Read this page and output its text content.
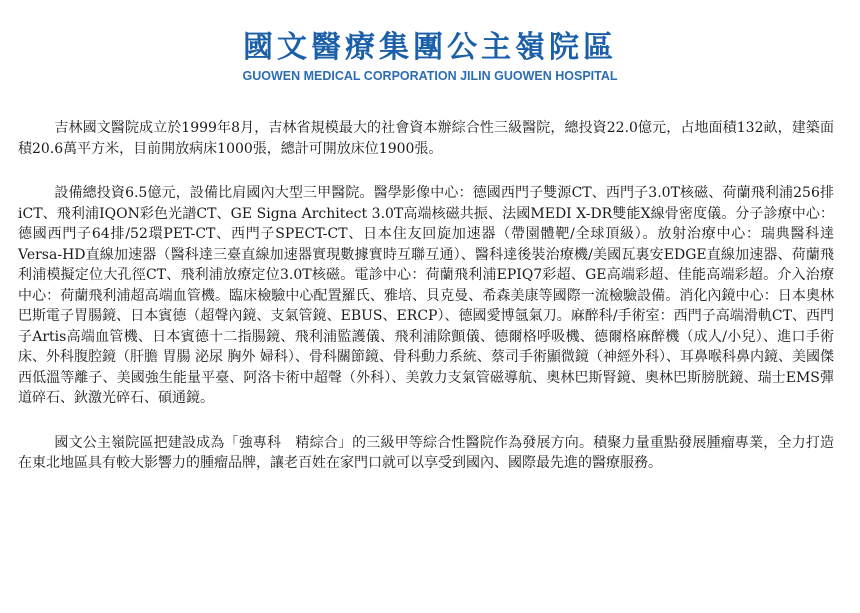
國文醫療集團公主嶺院區
GUOWEN MEDICAL CORPORATION JILIN GUOWEN HOSPITAL

吉林國文醫院成立於1999年8月，吉林省規模最大的社會資本辦綜合性三級醫院，總投資22.0億元，占地面積132畝，建築面積20.6萬平方米，目前開放病床1000張，總計可開放床位1900張。

設備總投資6.5億元，設備比肩國內大型三甲醫院。醫學影像中心：德國西門子雙源CT、西門子3.0T核磁、荷蘭飛利浦256排iCT、飛利浦IQON彩色光譜CT、GE Signa Architect 3.0T高端核磁共振、法國MEDI X-DR雙能X線骨密度儀。分子診療中心：德國西門子64排/52環PET-CT、西門子SPECT-CT、日本住友回旋加速器（帶園體靶/全球頂級）。放射治療中心：瑞典醫科達Versa-HD直線加速器（醫科達三臺直線加速器實現數據實時互聯互通）、醫科達後裝治療機/美國瓦裏安EDGE直線加速器、荷蘭飛利浦模擬定位大孔徑CT、飛利浦放療定位3.0T核磁。電診中心：荷蘭飛利浦EPIQ7彩超、GE高端彩超、佳能高端彩超。介入治療中心：荷蘭飛利浦超高端血管機。臨床檢驗中心配置羅氏、雅培、貝克曼、希森美康等國際一流檢驗設備。消化內鏡中心：日本奧林巴斯電子胃腸鏡、日本賓德（超聲內鏡、支氣管鏡、EBUS、ERCP）、德國愛博氬氣刀。麻醉科/手術室：西門子高端滑軌CT、西門子Artis高端血管機、日本賓德十二指腸鏡、飛利浦監護儀、飛利浦除顫儀、德爾格呼吸機、德爾格麻醉機（成人/小兒）、進口手術床、外科腹腔鏡（肝膽 胃腸 泌尿 胸外 婦科）、骨科關節鏡、骨科動力系統、蔡司手術顯微鏡（神經外科）、耳鼻喉科鼻内鏡、美國傑西低溫等離子、美國強生能量平臺、阿洛卡術中超聲（外科）、美敦力支氣管磁導航、奧林巴斯腎鏡、奧林巴斯膀胱鏡、瑞士EMS彈道碎石、鈥激光碎石、碩通鏡。

國文公主嶺院區把建設成為「強專科　精綜合」的三級甲等綜合性醫院作為發展方向。積聚力量重點發展腫瘤專業，全力打造在東北地區具有較大影響力的腫瘤品牌，讓老百姓在家門口就可以享受到國內、國際最先進的醫療服務。
